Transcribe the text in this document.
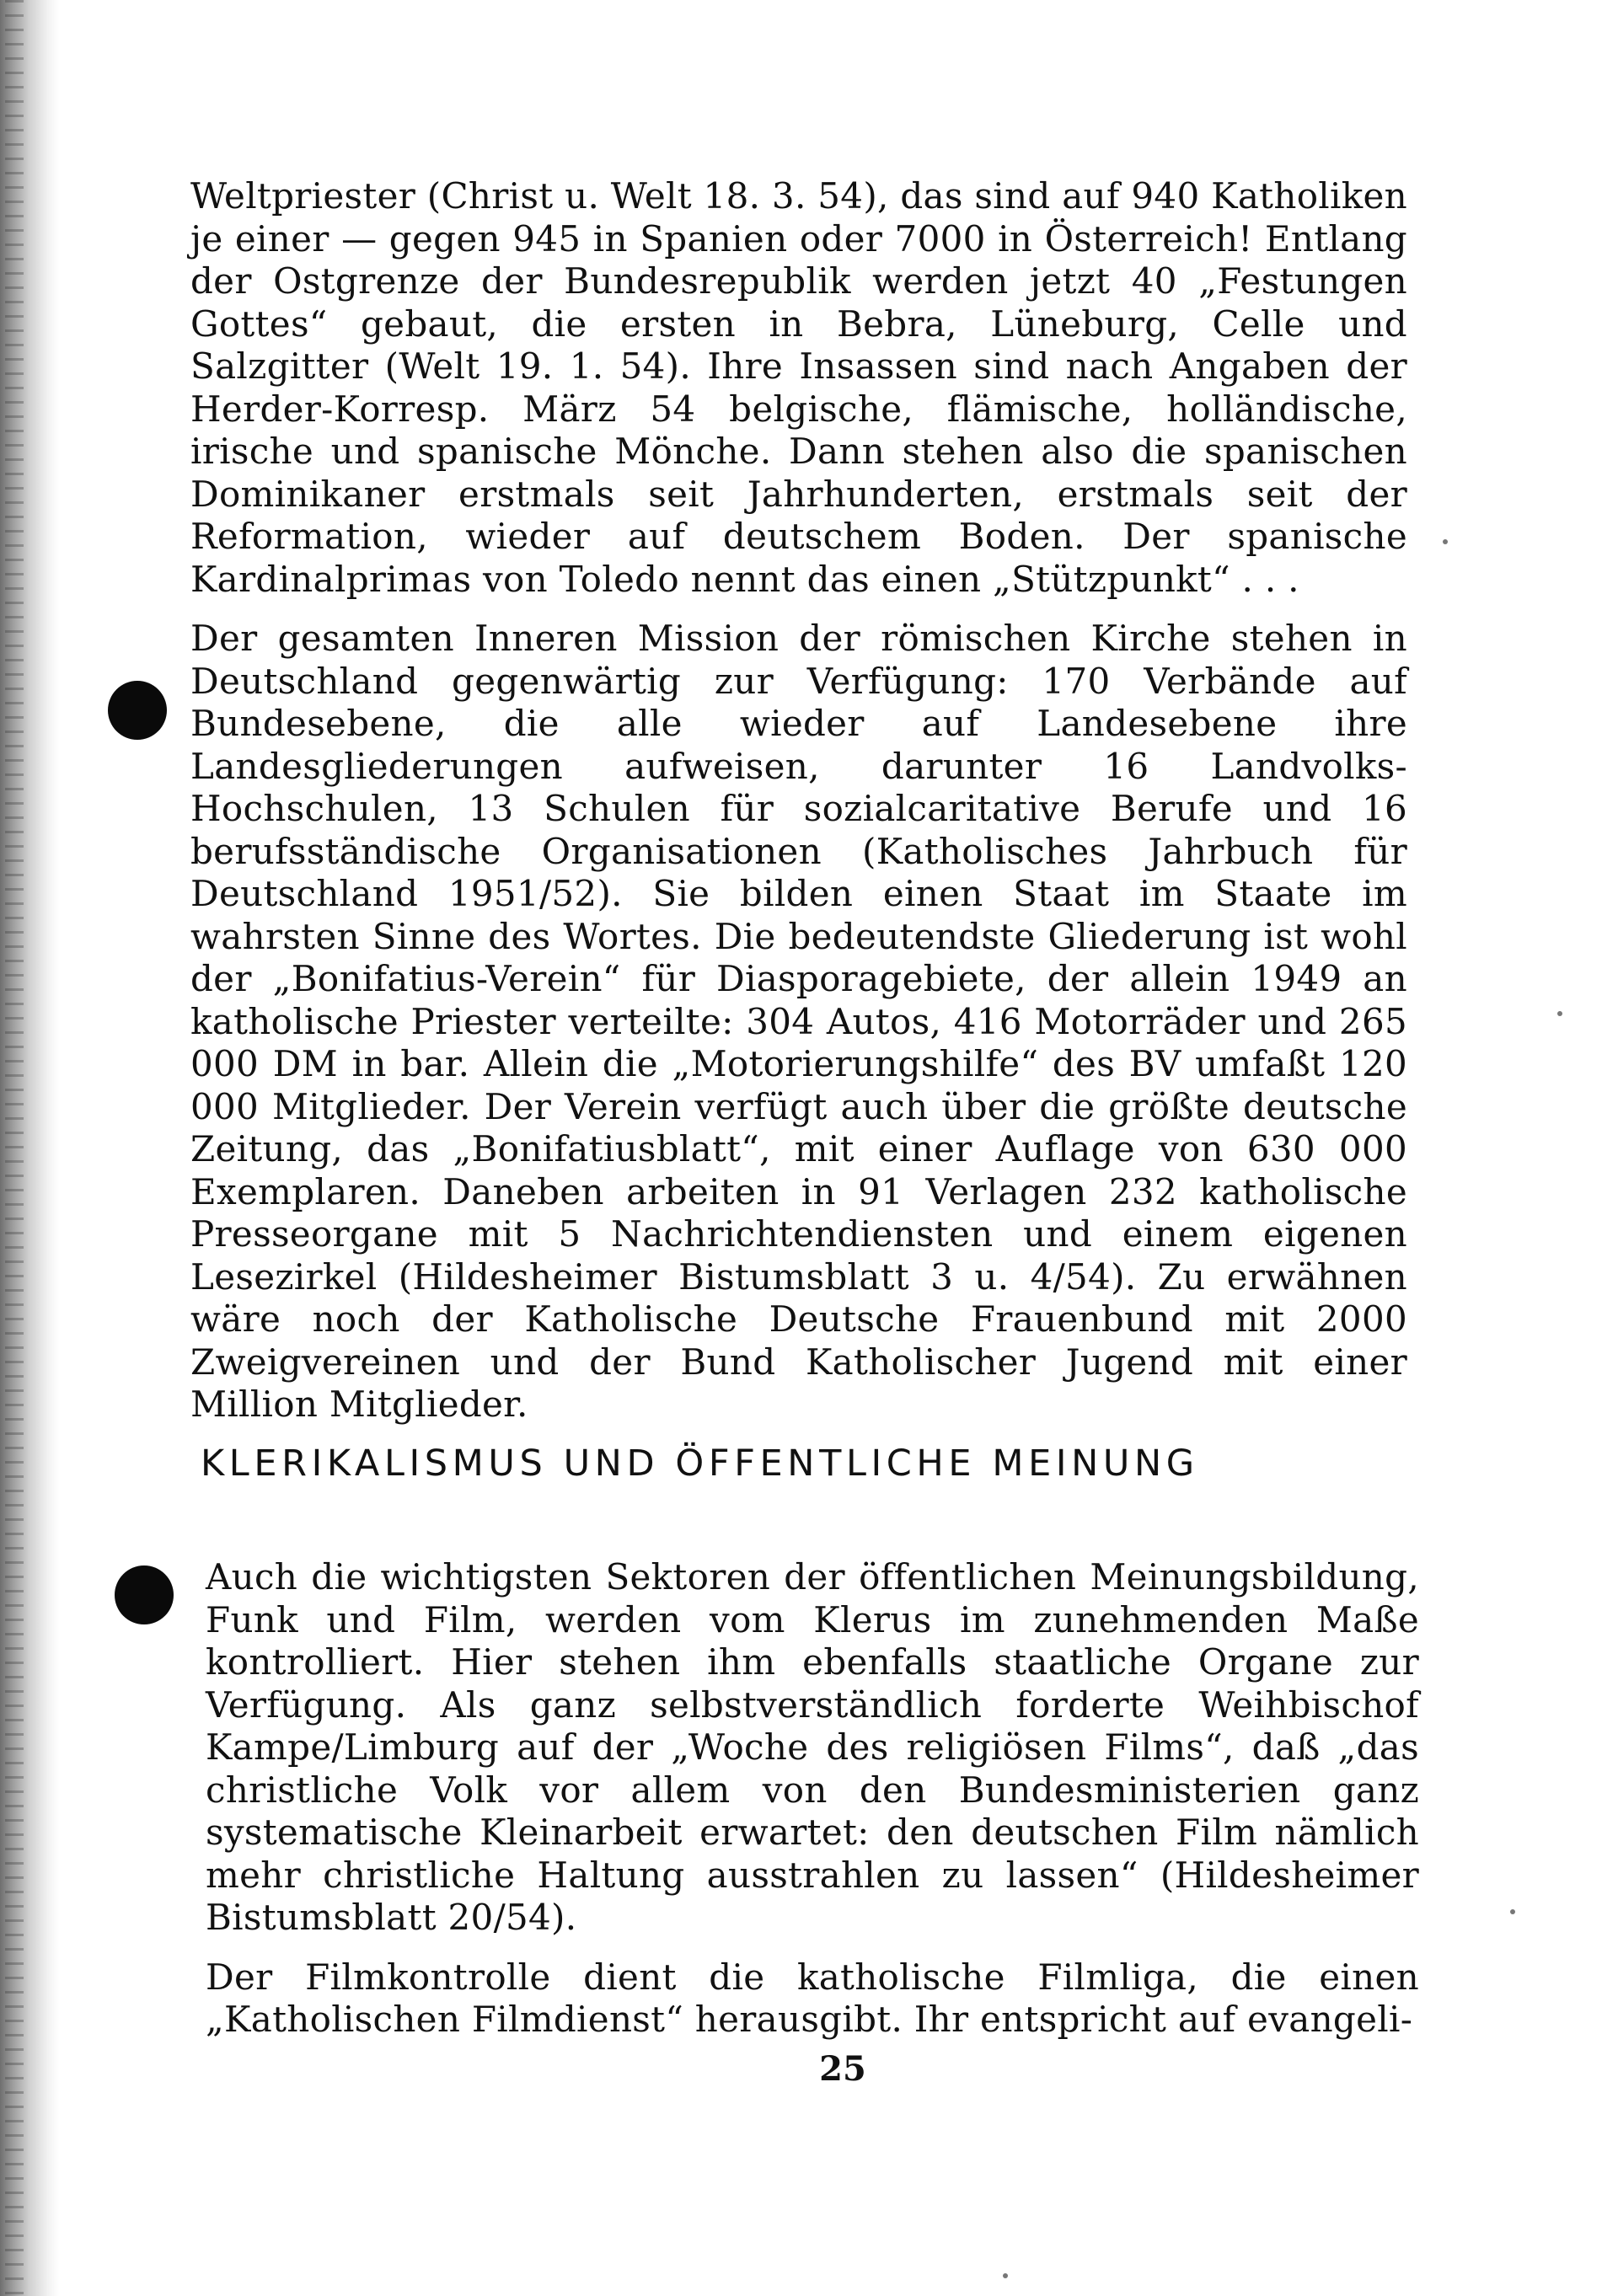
Weltpriester (Christ u. Welt 18. 3. 54), das sind auf 940 Katholiken je einer — gegen 945 in Spanien oder 7000 in Österreich! Entlang der Ostgrenze der Bundesrepublik werden jetzt 40 „Festungen Gottes“ gebaut, die ersten in Bebra, Lüneburg, Celle und Salzgitter (Welt 19. 1. 54). Ihre Insassen sind nach Angaben der Herder-Korresp. März 54 belgische, flämische, holländische, irische und spanische Mönche. Dann stehen also die spanischen Dominikaner erstmals seit Jahrhunderten, erstmals seit der Reformation, wieder auf deutschem Boden. Der spanische Kardinalprimas von Toledo nennt das einen „Stützpunkt“ . . .

Der gesamten Inneren Mission der römischen Kirche stehen in Deutschland gegenwärtig zur Verfügung: 170 Verbände auf Bundesebene, die alle wieder auf Landesebene ihre Landesgliederungen aufweisen, darunter 16 Landvolks-Hochschulen, 13 Schulen für sozialcaritative Berufe und 16 berufsständische Organisationen (Katholisches Jahrbuch für Deutschland 1951/52). Sie bilden einen Staat im Staate im wahrsten Sinne des Wortes. Die bedeutendste Gliederung ist wohl der „Bonifatius-Verein“ für Diasporagebiete, der allein 1949 an katholische Priester verteilte: 304 Autos, 416 Motorräder und 265 000 DM in bar. Allein die „Motorierungshilfe“ des BV umfaßt 120 000 Mitglieder. Der Verein verfügt auch über die größte deutsche Zeitung, das „Bonifatiusblatt“, mit einer Auflage von 630 000 Exemplaren. Daneben arbeiten in 91 Verlagen 232 katholische Presseorgane mit 5 Nachrichtendiensten und einem eigenen Lesezirkel (Hildesheimer Bistumsblatt 3 u. 4/54). Zu erwähnen wäre noch der Katholische Deutsche Frauenbund mit 2000 Zweigvereinen und der Bund Katholischer Jugend mit einer Million Mitglieder.

KLERIKALISMUS UND ÖFFENTLICHE MEINUNG

Auch die wichtigsten Sektoren der öffentlichen Meinungsbildung, Funk und Film, werden vom Klerus im zunehmenden Maße kontrolliert. Hier stehen ihm ebenfalls staatliche Organe zur Verfügung. Als ganz selbstverständlich forderte Weihbischof Kampe/Limburg auf der „Woche des religiösen Films“, daß „das christliche Volk vor allem von den Bundesministerien ganz systematische Kleinarbeit erwartet: den deutschen Film nämlich mehr christliche Haltung ausstrahlen zu lassen“ (Hildesheimer Bistumsblatt 20/54).

Der Filmkontrolle dient die katholische Filmliga, die einen „Katholischen Filmdienst“ herausgibt. Ihr entspricht auf evangeli-

25
